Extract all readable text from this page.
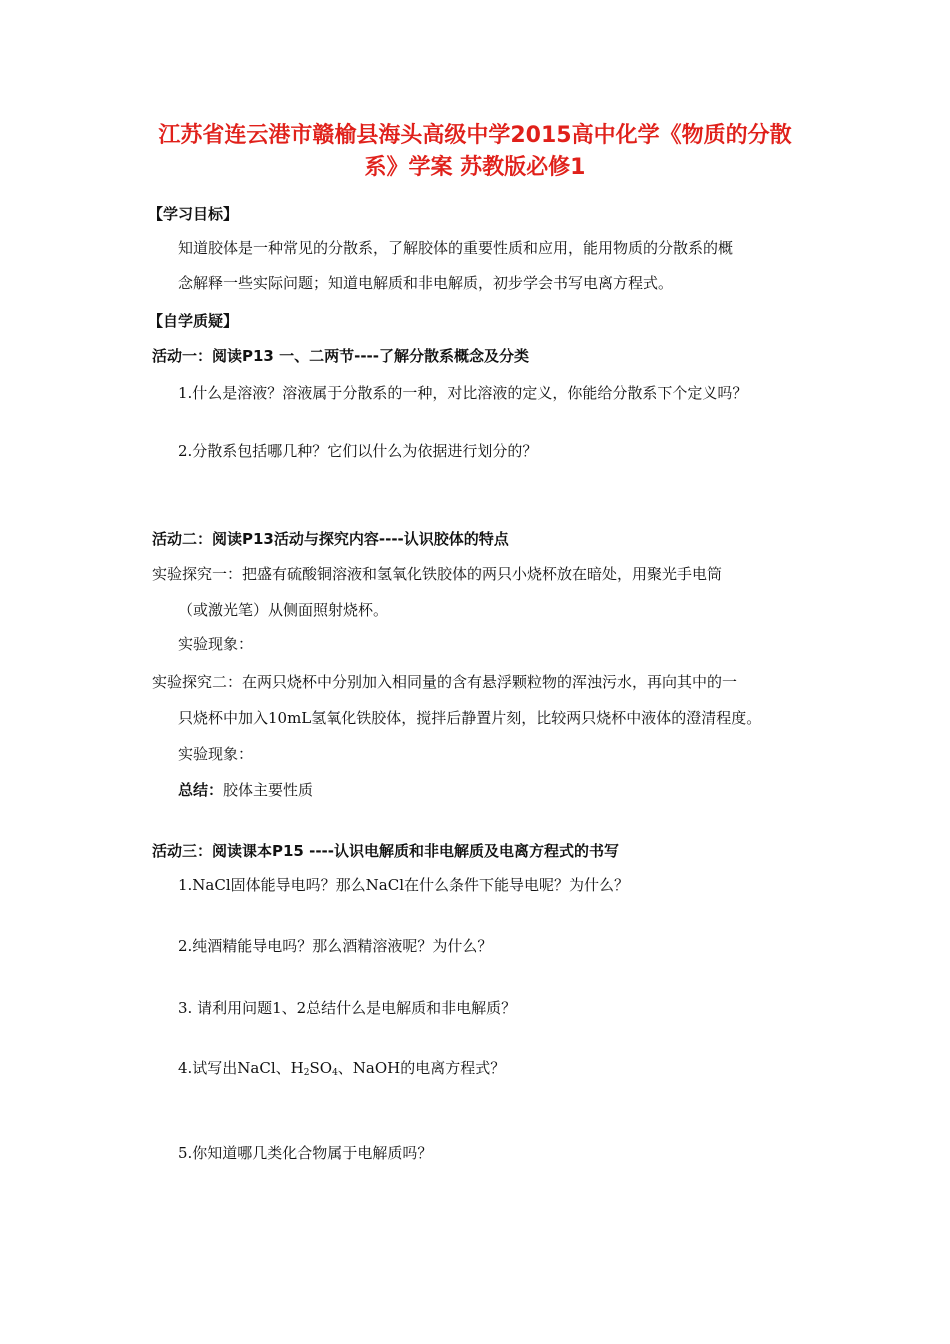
江苏省连云港市赣榆县海头高级中学2015高中化学《物质的分散
系》学案 苏教版必修1
【学习目标】
知道胶体是一种常见的分散系，了解胶体的重要性质和应用，能用物质的分散系的概
念解释一些实际问题；知道电解质和非电解质，初步学会书写电离方程式。
【自学质疑】
活动一：阅读P13 一、二两节----了解分散系概念及分类
1.什么是溶液？溶液属于分散系的一种，对比溶液的定义，你能给分散系下个定义吗？
2.分散系包括哪几种？它们以什么为依据进行划分的？
活动二：阅读P13活动与探究内容----认识胶体的特点
实验探究一：把盛有硫酸铜溶液和氢氧化铁胶体的两只小烧杯放在暗处，用聚光手电筒
（或激光笔）从侧面照射烧杯。
实验现象：
实验探究二：在两只烧杯中分别加入相同量的含有悬浮颗粒物的浑浊污水，再向其中的一
只烧杯中加入10mL氢氧化铁胶体，搅拌后静置片刻，比较两只烧杯中液体的澄清程度。
实验现象：
总结：胶体主要性质
活动三：阅读课本P15 ----认识电解质和非电解质及电离方程式的书写
1.NaCl固体能导电吗？那么NaCl在什么条件下能导电呢？为什么？
2.纯酒精能导电吗？那么酒精溶液呢？为什么？
3. 请利用问题1、2总结什么是电解质和非电解质？
4.试写出NaCl、$H_2SO_4$、NaOH的电离方程式？
5.你知道哪几类化合物属于电解质吗？
